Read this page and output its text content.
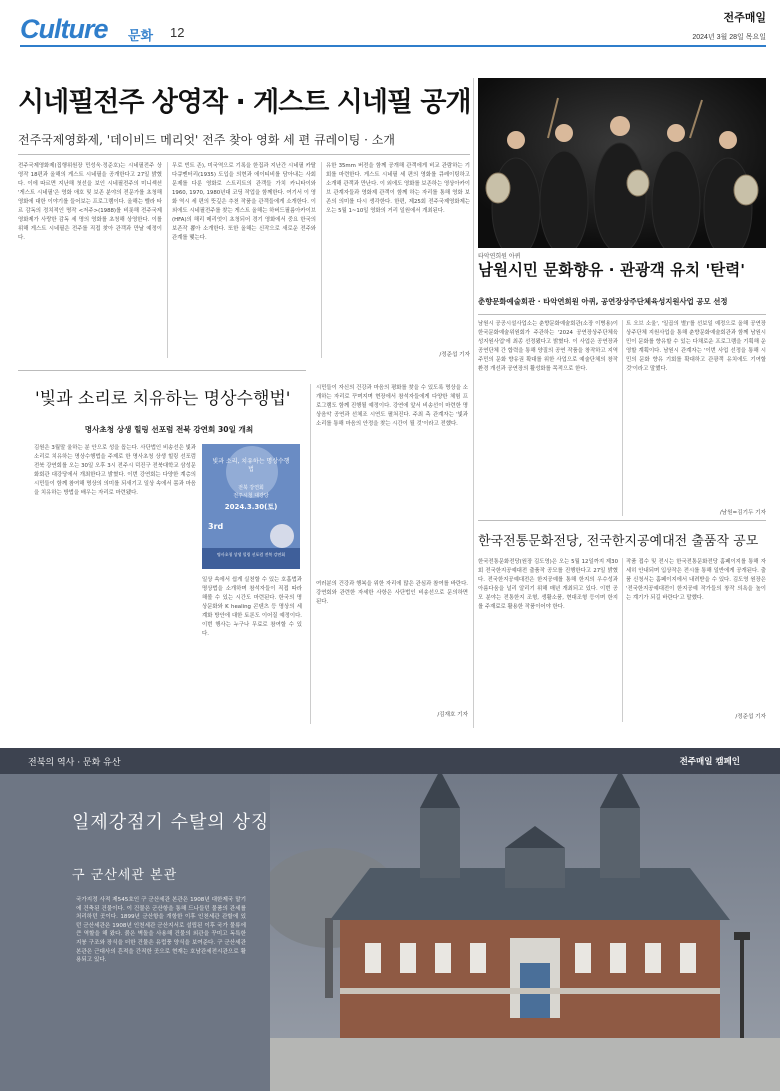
Culture 문화 12
전주매일
2024년 3월 28일 목요일
시네필전주 상영작 · 게스트 시네필 공개
전주국제영화제, '데이비드 메리엇' 전주 찾아 영화 세 편 큐레이팅 · 소개
전주국제영화제(집행위원장 민성욱·정준호)는 시네필전주 상영작 18편과 올해의 게스트 시네필을 공개한다고 27일 밝혔다. 이에 따르면 지난해 첫선을 보인 시네필전주의 미니섹션 '게스트 시네필'은 영화 애호 및 보존 분야의 전문가를 초청해 영화에 대한 이야기를 들어보는 프로그램이다. 올해는 벨라 타르 감독의 정치적인 명작 <저주>(1988)를 비롯해 전주국제영화제가 사랑한 감독 세 명의 영화를 초청해 상영한다. 이를 위해 게스트 시네필은 전주를 직접 찾아 관객과 만날 예정이다.
무로 빈트 존), 미국역으로 기록을 한집과 지난간 시네필 카탈 다큐멘터리(1935) 도입을 의현과 에이티비를 담아내는 사회문제를 다룬 영화로 스트리트의 관객들 가치 카니타이와 1960, 1970, 1980년대 코딩 작업을 함께한다. 여기서 이 영화 역시 세 편의 뜻깊은 추천 작품을 관객들에게 소개한다. 이 외에도 시네필전주를 찾는 게스트 올해는 하버드필름아카이브(HFA)의 해리 메리엇이 초청되어 경기 영화에서 중요 한국의 보존작 뽑아 소개한다. 또한 올해는 신작으로 새로운 전주와 관계를 맺는다.
유한 35mm 버전을 함께 공개해 관객에게 비교 관람하는 기회를 마련한다. 게스트 시네필 세 편의 영화를 큐레이팅하고 소개해 관객과 만난다. 이 외에도 영화를 보존하는 영상아카이브 관계자들과 영화제 관객이 함께 하는 자리를 통해 영화 보존의 의미를 다시 생각한다. 한편, 제25회 전주국제영화제는 오는 5월 1~10일 영화의 거리 일원에서 개최된다.
/정준섭 기자
타악연희원 아퀴
남원시민 문화향유 · 관광객 유치 '탄력'
춘향문화예술회관 · 타악연희원 아퀴, 공연장상주단체육성지원사업 공모 선정
남원시 공공시설사업소는 춘향문화예술회관(소장 이병용)이 한국문화예술위원회가 주관하는 '2024 공연장상주단체육성지원사업'에 최종 선정됐다고 밝혔다. 이 사업은 공연장과 공연단체 간 합력을 통해 양질의 공연 작품을 창작하고 지역 주민의 문화 향유권 확대를 위한 사업으로 예술단체의 창작 환경 개선과 공연장의 활성화를 목적으로 한다.
트 오브 소울', '일곱의 별)'를 선보일 예정으로 올해 공연장상주단체 지원사업을 통해 춘향문화예술회관과 함께 남원시민이 문화를 향유할 수 있는 다채로운 프로그램을 기획해 운영할 계획이다. 남원시 관계자는 '이번 사업 선정을 통해 시민의 문화 향유 기회를 확대하고 관광객 유치에도 기여할 것'이라고 말했다.
/남원=김기두 기자
'빛과 소리로 치유하는 명상수행법'
명사초청 상생 힐링 선포럼 전북 강연회 30일 개최
김원은 3월말 울하는 분 안으로 성을 돕는다. 사단법인 비송선은 빛과 소리로 치유하는 명상수행법을 주제로 한 명사초청 상생 힐링 선포럼 전북 강연회를 오는 30일 오후 3시 전주시 덕진구 전북대학교 삼성문화회관 대강당에서 개최한다고 밝혔다. 이번 강연회는 다양한 계층의 시민들이 함께 참여해 명상의 의미를 되새기고 일상 속에서 몸과 마음을 치유하는 방법을 배우는 자리로 마련됐다.
빛과 소리, 치유하는 명상수행법
전북 강연회
전주시청 대강당
2024.3.30(토)
3rd
명사초청 상생 힐링 선포럼 전북 강연회
시민들이 자신의 건강과 마음의 평화를 찾을 수 있도록 명상을 소개하는 자리로 꾸며지며 현장에서 참석자들에게 다양한 체험 프로그램도 함께 진행될 예정이다. 강연에 앞서 비송선이 마련한 명상음악 공연과 선체조 시연도 펼쳐진다. 주최 측 관계자는 '빛과 소리를 통해 마음의 안정을 찾는 시간이 될 것'이라고 전했다.
일상 속에서 쉽게 실천할 수 있는 호흡법과 명상법을 소개하며 참석자들이 직접 따라 해볼 수 있는 시간도 마련된다. 한국의 명상문화와 K healing 콘텐츠 등 명상의 세계화 방안에 대한 토론도 이어질 예정이다. 이번 행사는 누구나 무료로 참여할 수 있다.
여러분의 건강과 행복을 위한 자리에 많은 관심과 참여를 바란다. 강연회와 관련한 자세한 사항은 사단법인 비송선으로 문의하면 된다.
/김재호 기자
한국전통문화전당, 전국한지공예대전 출품작 공모
한국전통문화전당(원장 김도영)은 오는 5월 12일까지 제30회 전국한지공예대전 출품작 공모를 진행한다고 27일 밝혔다. 전국한지공예대전은 한지공예를 통해 한지의 우수성과 아름다움을 널리 알리기 위해 매년 개최되고 있다. 이번 공모 분야는 전통한지 조형, 생활소품, 현대조형 등이며 한지를 주재료로 활용한 작품이어야 한다.
작품 접수 및 전시는 한국전통문화전당 홈페이지를 통해 자세히 안내되며 입상작은 전시를 통해 일반에게 공개된다. 출품 신청서는 홈페이지에서 내려받을 수 있다. 김도영 원장은 '전국한지공예대전이 한지공예 작가들의 창작 의욕을 높이는 계기가 되길 바란다'고 말했다.
/정준섭 기자
전북의 역사 · 문화 유산	전주매일 캠페인
일제강점기 수탈의 상징
구 군산세관 본관
국가지정 사적 제545호인 구 군산세관 본관은 1908년 대한제국 말기에 건축된 건물이다. 이 건물은 군산항을 통해 드나들던 물품의 관세를 처리하던 곳이다. 1899년 군산항을 개항한 이후 인천세관 관할에 있던 군산세관은 1908년 인천세관 군산지서로 설립된 이후 국가 물류에 큰 역할을 해 왔다. 붉은 벽돌을 사용해 건물의 외관을 꾸미고 독특한 지붕 구조와 장식을 더한 건물은 유럽풍 양식을 보여준다. 구 군산세관 본관은 근대사의 흔적을 간직한 곳으로 현재는 호남관세전시관으로 활용되고 있다.
